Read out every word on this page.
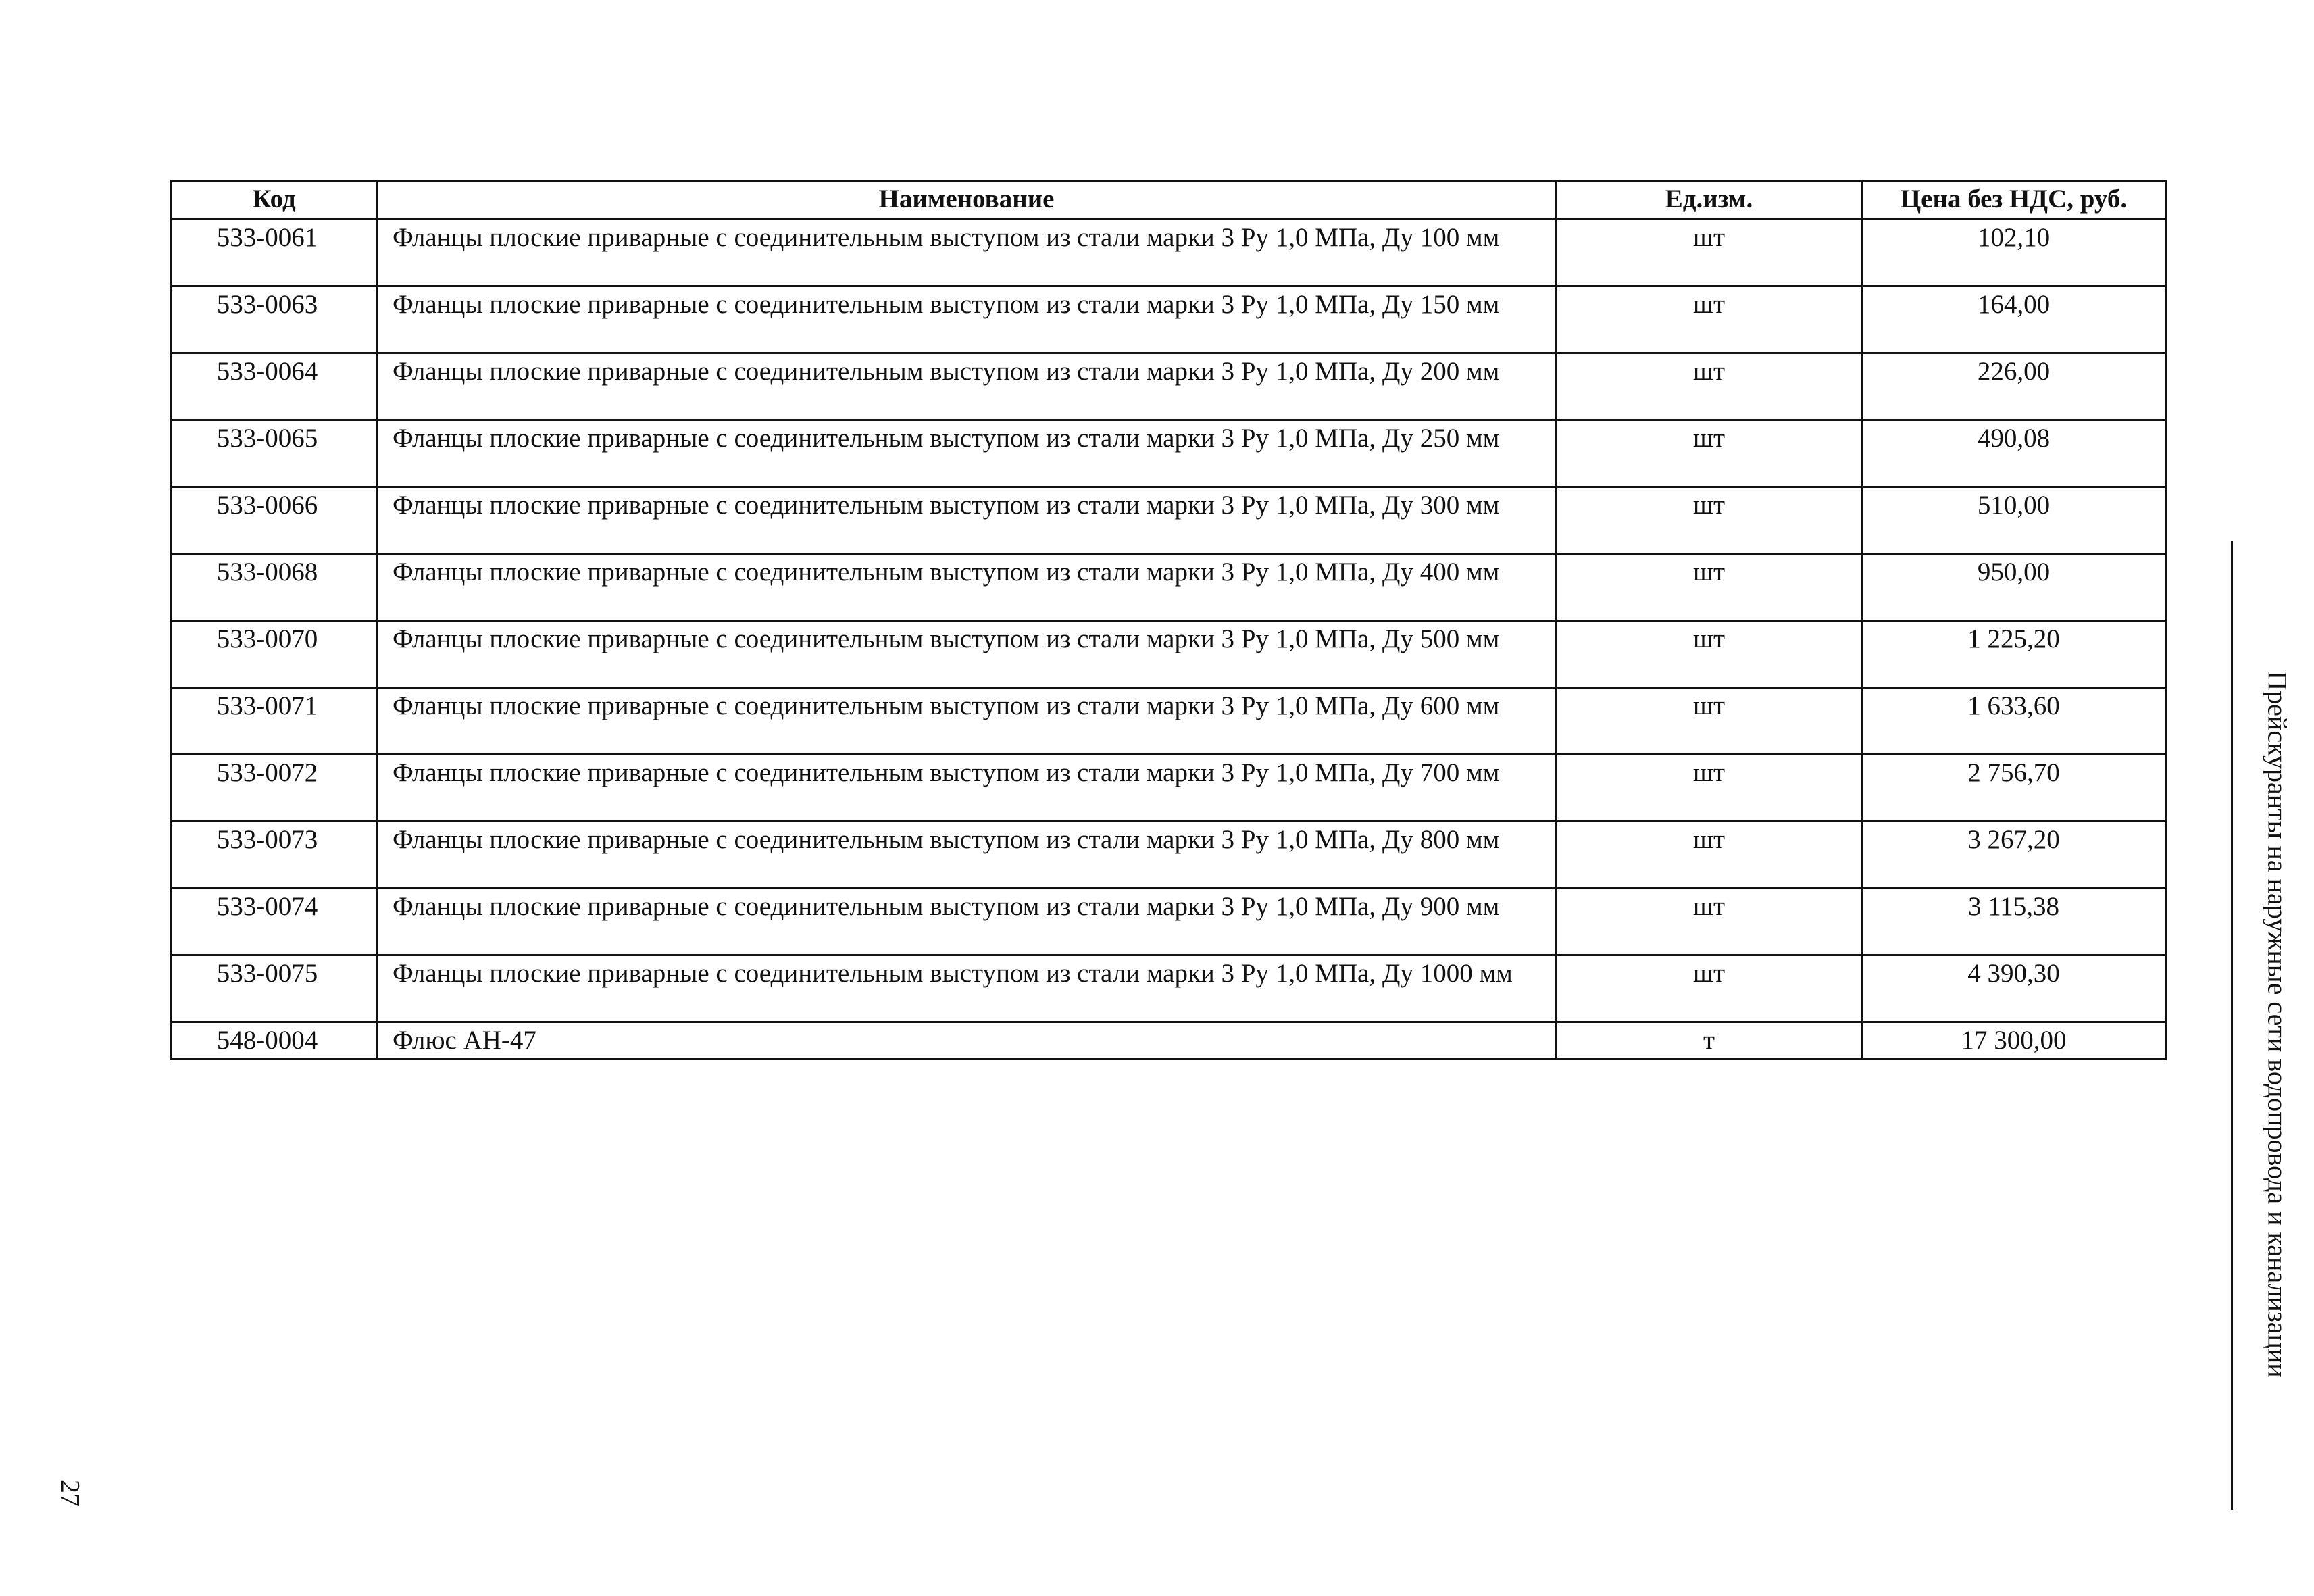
Код	Наименование	Ед.изм.	Цена без НДС, руб.
533-0061	Фланцы плоские приварные с соединительным выступом из стали марки 3 Ру 1,0 МПа, Ду 100 мм	шт	102,10
533-0063	Фланцы плоские приварные с соединительным выступом из стали марки 3 Ру 1,0 МПа, Ду 150 мм	шт	164,00
533-0064	Фланцы плоские приварные с соединительным выступом из стали марки 3 Ру 1,0 МПа, Ду 200 мм	шт	226,00
533-0065	Фланцы плоские приварные с соединительным выступом из стали марки 3 Ру 1,0 МПа, Ду 250 мм	шт	490,08
533-0066	Фланцы плоские приварные с соединительным выступом из стали марки 3 Ру 1,0 МПа, Ду 300 мм	шт	510,00
533-0068	Фланцы плоские приварные с соединительным выступом из стали марки 3 Ру 1,0 МПа, Ду 400 мм	шт	950,00
533-0070	Фланцы плоские приварные с соединительным выступом из стали марки 3 Ру 1,0 МПа, Ду 500 мм	шт	1 225,20
533-0071	Фланцы плоские приварные с соединительным выступом из стали марки 3 Ру 1,0 МПа, Ду 600 мм	шт	1 633,60
533-0072	Фланцы плоские приварные с соединительным выступом из стали марки 3 Ру 1,0 МПа, Ду 700 мм	шт	2 756,70
533-0073	Фланцы плоские приварные с соединительным выступом из стали марки 3 Ру 1,0 МПа, Ду 800 мм	шт	3 267,20
533-0074	Фланцы плоские приварные с соединительным выступом из стали марки 3 Ру 1,0 МПа, Ду 900 мм	шт	3 115,38
533-0075	Фланцы плоские приварные с соединительным выступом из стали марки 3 Ру 1,0 МПа, Ду 1000 мм	шт	4 390,30
548-0004	Флюс АН-47	т	17 300,00	Прейскуранты на наружные сети водопровода и канализации
27
